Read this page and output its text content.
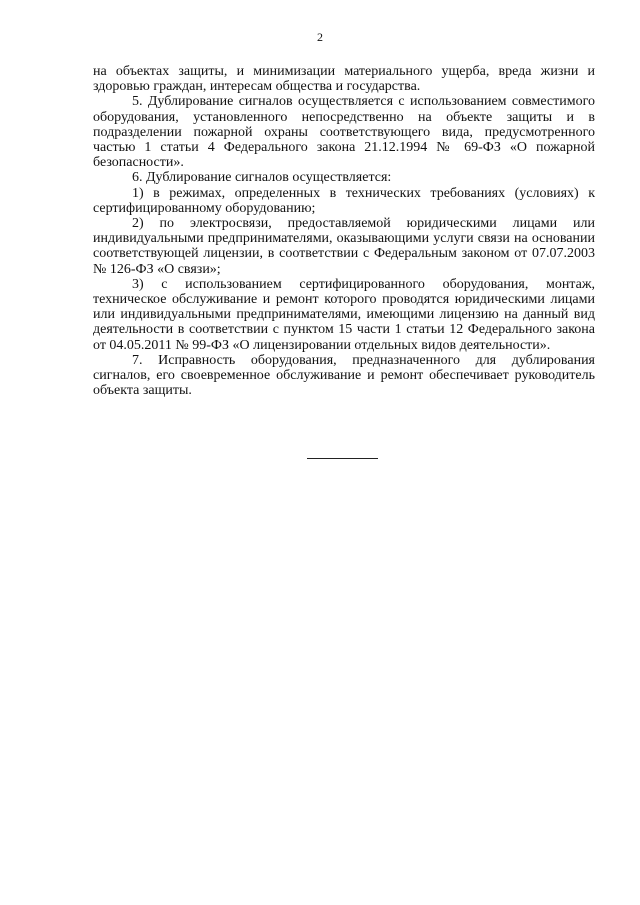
2

на объектах защиты, и минимизации материального ущерба, вреда жизни и здоровью граждан, интересам общества и государства.

5. Дублирование сигналов осуществляется с использованием совместимого оборудования, установленного непосредственно на объекте защиты и в подразделении пожарной охраны соответствующего вида, предусмотренного частью 1 статьи 4 Федерального закона 21.12.1994 № 69-ФЗ «О пожарной безопасности».

6. Дублирование сигналов осуществляется:

1) в режимах, определенных в технических требованиях (условиях) к сертифицированному оборудованию;

2) по электросвязи, предоставляемой юридическими лицами или индивидуальными предпринимателями, оказывающими услуги связи на основании соответствующей лицензии, в соответствии с Федеральным законом от 07.07.2003 № 126-ФЗ «О связи»;

3) с использованием сертифицированного оборудования, монтаж, техническое обслуживание и ремонт которого проводятся юридическими лицами или индивидуальными предпринимателями, имеющими лицензию на данный вид деятельности в соответствии с пунктом 15 части 1 статьи 12 Федерального закона от 04.05.2011 № 99-ФЗ «О лицензировании отдельных видов деятельности».

7. Исправность оборудования, предназначенного для дублирования сигналов, его своевременное обслуживание и ремонт обеспечивает руководитель объекта защиты.
